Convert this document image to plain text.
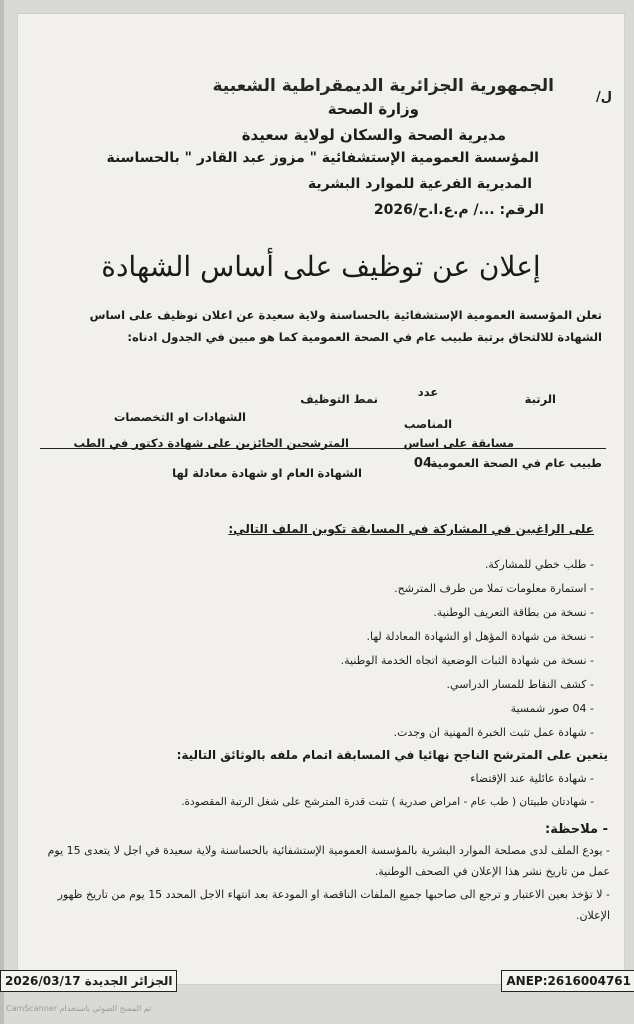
الجمهورية الجزائرية الديمقراطية الشعبية
وزارة الصحة
مديرية الصحة والسكان لولاية سعيدة
المؤسسة العمومية الإستشفائية " مزوز عبد القادر " بالحساسنة
المديرية الفرعية للموارد البشرية
الرقم: .../ م.ع.ا.ح/2026
/ل
إعلان عن توظيف على أساس الشهادة
تعلن المؤسسة العمومية الإستشفائية بالحساسنة ولاية سعيدة عن اعلان توظيف على اساس الشهادة للالتحاق برتبة طبيب عام في الصحة العمومية كما هو مبين في الجدول ادناه:
الرتبة
عدد المناصب
نمط التوظيف
الشهادات او التخصصات
مسابقة على اساس
طبيب عام في الصحة العمومية
04
المترشحين الحائزين على شهادة دكتور في الطب
الشهادة
العام او شهادة معادلة لها
على الراغبين في المشاركة في المسابقة تكوين الملف التالي:
- طلب خطي للمشاركة.
- استمارة معلومات تملا من طرف المترشح.
- نسخة من بطاقة التعريف الوطنية.
- نسخة من شهادة المؤهل او الشهادة المعادلة لها.
- نسخة من شهادة الثبات الوضعية اتجاه الخدمة الوطنية.
- كشف النقاط للمسار الدراسي.
- 04 صور شمسية
- شهادة عمل تثبت الخبرة المهنية ان وجدت.
يتعين على المترشح الناجح نهائيا في المسابقة اتمام ملفه بالوثائق التالية:
- شهادة عائلية عند الإقتضاء
- شهادتان طبيتان ( طب عام - امراض صدرية ) تثبت قدرة المترشح على شغل الرتبة المقصودة.
- ملاحظة:
- يودع الملف لدى مصلحة الموارد البشرية بالمؤسسة العمومية الإستشفائية بالحساسنة ولاية سعيدة في اجل لا يتعدى 15 يوم عمل من تاريخ نشر هذا الإعلان في الصحف الوطنية.
- لا تؤخذ بعين الاعتبار و ترجع الى صاحبها جميع الملفات الناقصة او المودعة بعد انتهاء الاجل المحدد 15 يوم من تاريخ ظهور الإعلان.
الجزائر الجديدة 2026/03/17	ANEP:2616004761
CamScanner تم المسح الضوئي باستخدام
